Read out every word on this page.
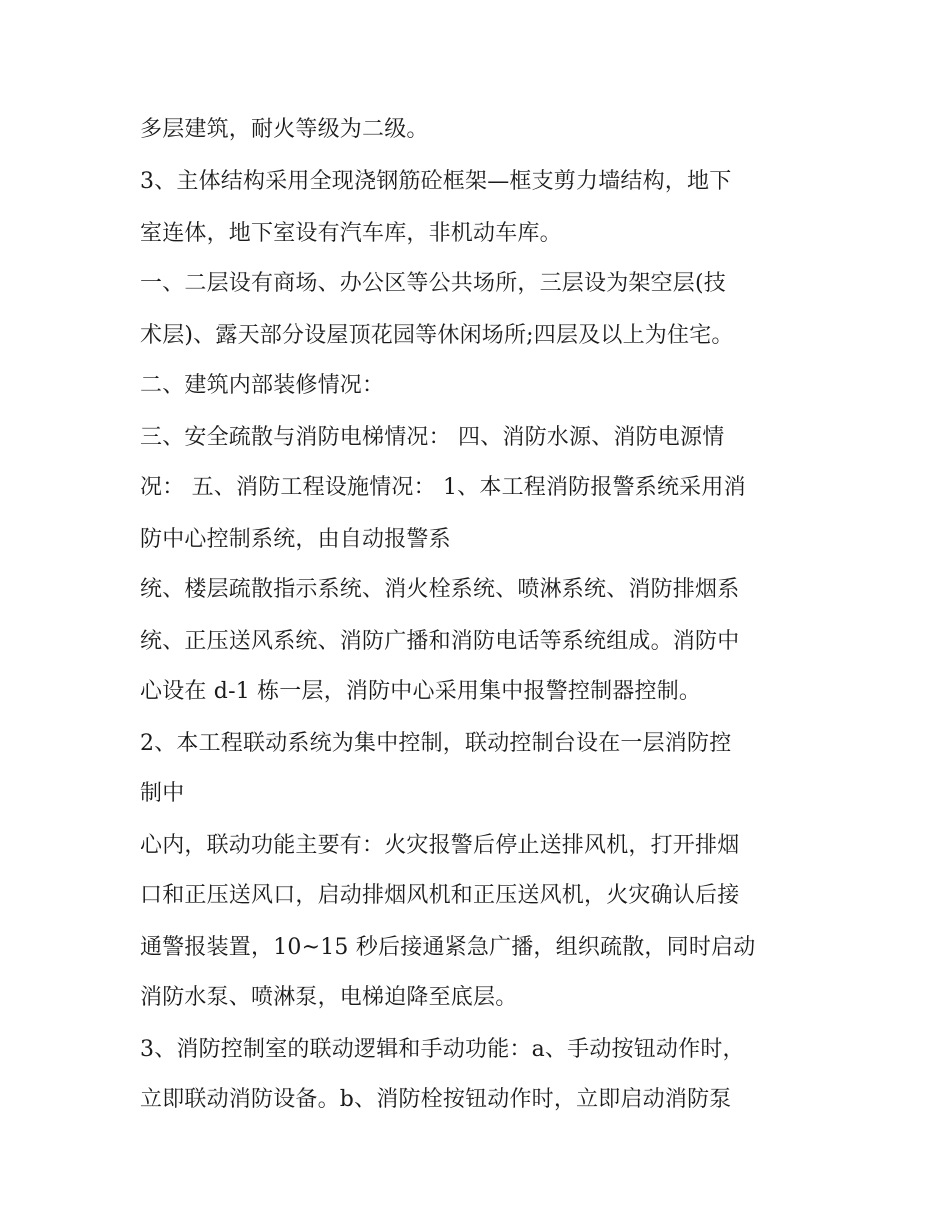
多层建筑，耐火等级为二级。
3、主体结构采用全现浇钢筋砼框架—框支剪力墙结构，地下
室连体，地下室设有汽车库，非机动车库。
一、二层设有商场、办公区等公共场所，三层设为架空层(技
术层)、露天部分设屋顶花园等休闲场所;四层及以上为住宅。
二、建筑内部装修情况：
三、安全疏散与消防电梯情况： 四、消防水源、消防电源情
况： 五、消防工程设施情况： 1、本工程消防报警系统采用消
防中心控制系统，由自动报警系
统、楼层疏散指示系统、消火栓系统、喷淋系统、消防排烟系
统、正压送风系统、消防广播和消防电话等系统组成。消防中
心设在 d-1 栋一层，消防中心采用集中报警控制器控制。
2、本工程联动系统为集中控制，联动控制台设在一层消防控
制中
心内，联动功能主要有：火灾报警后停止送排风机，打开排烟
口和正压送风口，启动排烟风机和正压送风机，火灾确认后接
通警报装置，10~15 秒后接通紧急广播，组织疏散，同时启动
消防水泵、喷淋泵，电梯迫降至底层。
3、消防控制室的联动逻辑和手动功能：a、手动按钮动作时，
立即联动消防设备。b、消防栓按钮动作时，立即启动消防泵
